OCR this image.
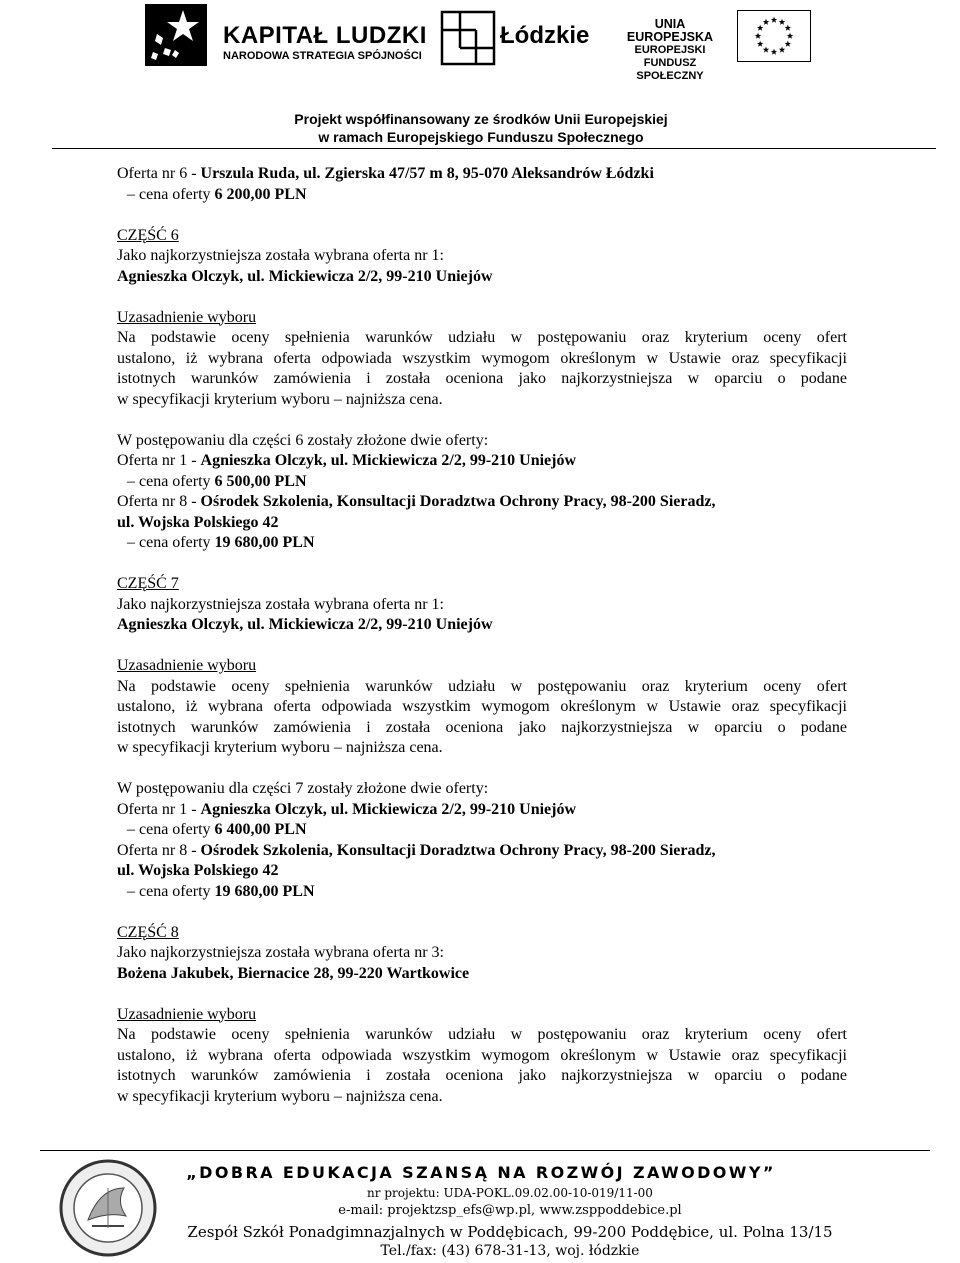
KAPITAŁ LUDZKI
NARODOWA STRATEGIA SPÓJNOŚCI
Łódzkie	UNIA EUROPEJSKA
EUROPEJSKI
FUNDUSZ SPOŁECZNY
Projekt współfinansowany ze środków Unii Europejskiej
w ramach Europejskiego Funduszu Społecznego

Oferta nr 6 - Urszula Ruda, ul. Zgierska 47/57 m 8, 95-070 Aleksandrów Łódzki

– cena oferty 6 200,00 PLN

CZĘŚĆ 6

Jako najkorzystniejsza została wybrana oferta nr 1:

Agnieszka Olczyk, ul. Mickiewicza 2/2, 99-210 Uniejów

Uzasadnienie wyboru

Na podstawie oceny spełnienia warunków udziału w postępowaniu oraz kryterium oceny ofert

ustalono, iż wybrana oferta odpowiada wszystkim wymogom określonym w Ustawie oraz specyfikacji

istotnych warunków zamówienia i została oceniona jako najkorzystniejsza w oparciu o podane

w specyfikacji kryterium wyboru – najniższa cena.

W postępowaniu dla części 6 zostały złożone dwie oferty:

Oferta nr 1 - Agnieszka Olczyk, ul. Mickiewicza 2/2, 99-210 Uniejów

– cena oferty 6 500,00 PLN

Oferta nr 8 - Ośrodek Szkolenia, Konsultacji Doradztwa Ochrony Pracy, 98-200 Sieradz,

ul. Wojska Polskiego 42

– cena oferty 19 680,00 PLN

CZĘŚĆ 7

Jako najkorzystniejsza została wybrana oferta nr 1:

Agnieszka Olczyk, ul. Mickiewicza 2/2, 99-210 Uniejów

Uzasadnienie wyboru

Na podstawie oceny spełnienia warunków udziału w postępowaniu oraz kryterium oceny ofert

ustalono, iż wybrana oferta odpowiada wszystkim wymogom określonym w Ustawie oraz specyfikacji

istotnych warunków zamówienia i została oceniona jako najkorzystniejsza w oparciu o podane

w specyfikacji kryterium wyboru – najniższa cena.

W postępowaniu dla części 7 zostały złożone dwie oferty:

Oferta nr 1 - Agnieszka Olczyk, ul. Mickiewicza 2/2, 99-210 Uniejów

– cena oferty 6 400,00 PLN

Oferta nr 8 - Ośrodek Szkolenia, Konsultacji Doradztwa Ochrony Pracy, 98-200 Sieradz,

ul. Wojska Polskiego 42

– cena oferty 19 680,00 PLN

CZĘŚĆ 8

Jako najkorzystniejsza została wybrana oferta nr 3:

Bożena Jakubek, Biernacice 28, 99-220 Wartkowice

Uzasadnienie wyboru

Na podstawie oceny spełnienia warunków udziału w postępowaniu oraz kryterium oceny ofert

ustalono, iż wybrana oferta odpowiada wszystkim wymogom określonym w Ustawie oraz specyfikacji

istotnych warunków zamówienia i została oceniona jako najkorzystniejsza w oparciu o podane

w specyfikacji kryterium wyboru – najniższa cena.

„DOBRA EDUKACJA SZANSĄ NA ROZWÓJ ZAWODOWY”
nr projektu: UDA-POKL.09.02.00-10-019/11-00
e-mail: projektzsp_efs@wp.pl, www.zsppoddebice.pl
Zespół Szkół Ponadgimnazjalnych w Poddębicach, 99-200 Poddębice, ul. Polna 13/15
Tel./fax: (43) 678-31-13, woj. łódzkie
